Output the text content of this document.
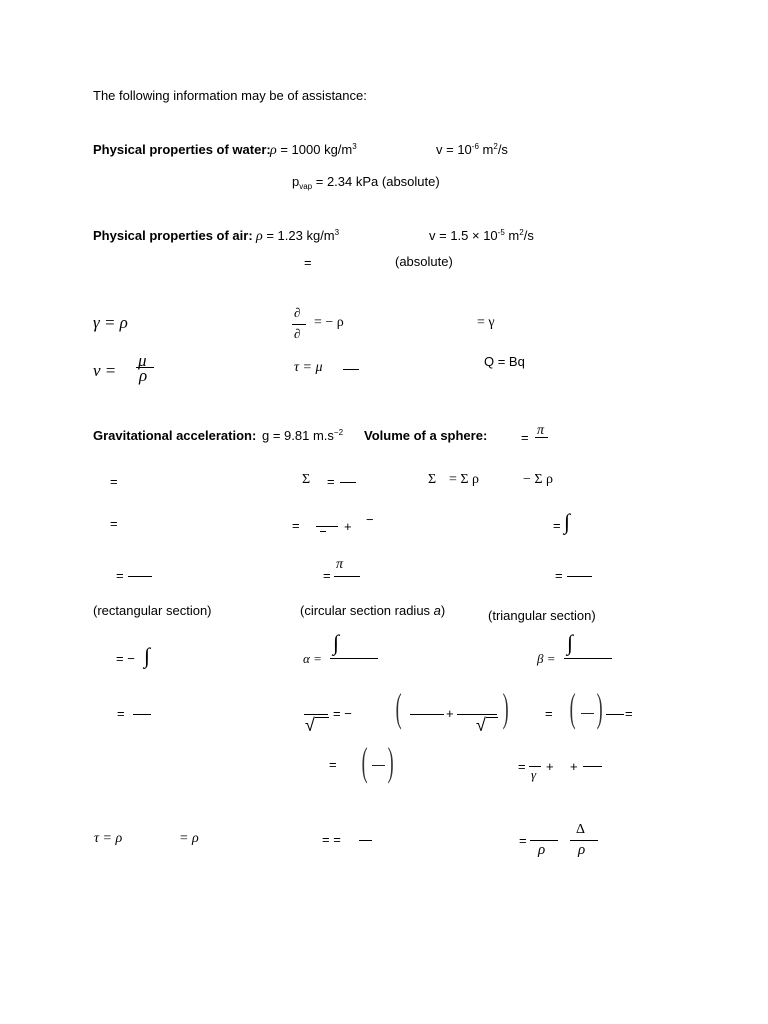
The following information may be of assistance:
Physical properties of water: ρ = 1000 $kg/m^3$	$v = 10^{-6}$ $m^2/s$
$p_{vap} = 2.34$ kPa (absolute)
Physical properties of air: ρ = 1.23 $kg/m^3$	$v = 1.5 \times 10^{-5}$ $m^2/s$
=	(absolute)
γ = ρ
∂
∂
= − ρ	= γ
ν =
μ
ρ	τ = μ	Q = Bq
Gravitational acceleration: g = 9.81 $m.s^{-2}$ Volume of a sphere:	= π
=	Σ =	Σ = Σ ρ	− Σ ρ
=	=	+ −	= ∫
=	=
π
=
(rectangular section)	(circular section radius a)	(triangular section)
= − ∫	α =
∫
β =
∫
=
√
= − (	+
√ )	= ( — ) =
= ( — )	= +
γ
+
τ = ρ	= ρ	= =	=
ρ
Δ
ρ
